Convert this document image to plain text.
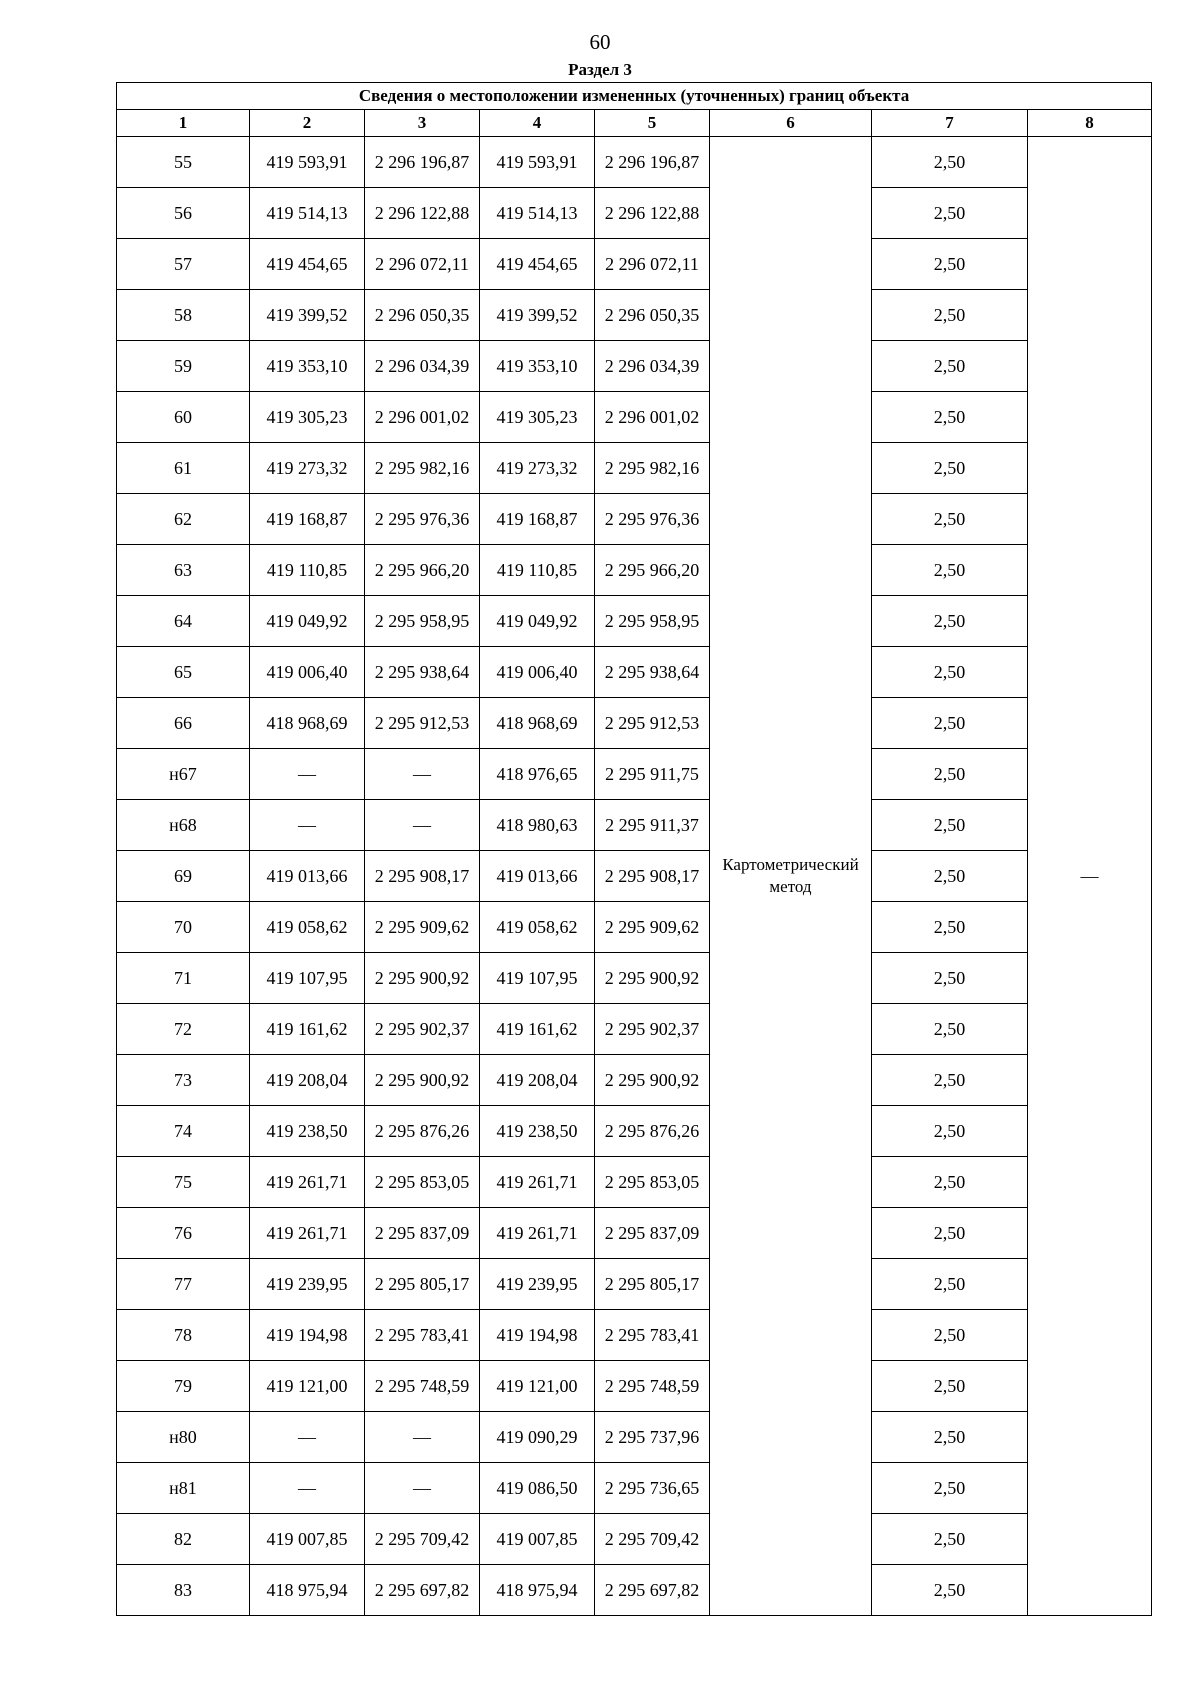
60
Раздел 3
Сведения о местоположении измененных (уточненных) границ объекта							
1	2	3	4	5	6	7	8
55	419 593,91	2 296 196,87	419 593,91	2 296 196,87	Картометрический метод	2,50	—
56	419 514,13	2 296 122,88	419 514,13	2 296 122,88		2,50	
57	419 454,65	2 296 072,11	419 454,65	2 296 072,11		2,50	
58	419 399,52	2 296 050,35	419 399,52	2 296 050,35		2,50	
59	419 353,10	2 296 034,39	419 353,10	2 296 034,39		2,50	
60	419 305,23	2 296 001,02	419 305,23	2 296 001,02		2,50	
61	419 273,32	2 295 982,16	419 273,32	2 295 982,16		2,50	
62	419 168,87	2 295 976,36	419 168,87	2 295 976,36		2,50	
63	419 110,85	2 295 966,20	419 110,85	2 295 966,20		2,50	
64	419 049,92	2 295 958,95	419 049,92	2 295 958,95		2,50	
65	419 006,40	2 295 938,64	419 006,40	2 295 938,64		2,50	
66	418 968,69	2 295 912,53	418 968,69	2 295 912,53		2,50	
н67	—	—	418 976,65	2 295 911,75		2,50	
н68	—	—	418 980,63	2 295 911,37		2,50	
69	419 013,66	2 295 908,17	419 013,66	2 295 908,17		2,50	
70	419 058,62	2 295 909,62	419 058,62	2 295 909,62		2,50	
71	419 107,95	2 295 900,92	419 107,95	2 295 900,92		2,50	
72	419 161,62	2 295 902,37	419 161,62	2 295 902,37		2,50	
73	419 208,04	2 295 900,92	419 208,04	2 295 900,92		2,50	
74	419 238,50	2 295 876,26	419 238,50	2 295 876,26		2,50	
75	419 261,71	2 295 853,05	419 261,71	2 295 853,05		2,50	
76	419 261,71	2 295 837,09	419 261,71	2 295 837,09		2,50	
77	419 239,95	2 295 805,17	419 239,95	2 295 805,17		2,50	
78	419 194,98	2 295 783,41	419 194,98	2 295 783,41		2,50	
79	419 121,00	2 295 748,59	419 121,00	2 295 748,59		2,50	
н80	—	—	419 090,29	2 295 737,96		2,50	
н81	—	—	419 086,50	2 295 736,65		2,50	
82	419 007,85	2 295 709,42	419 007,85	2 295 709,42		2,50	
83	418 975,94	2 295 697,82	418 975,94	2 295 697,82		2,50	
